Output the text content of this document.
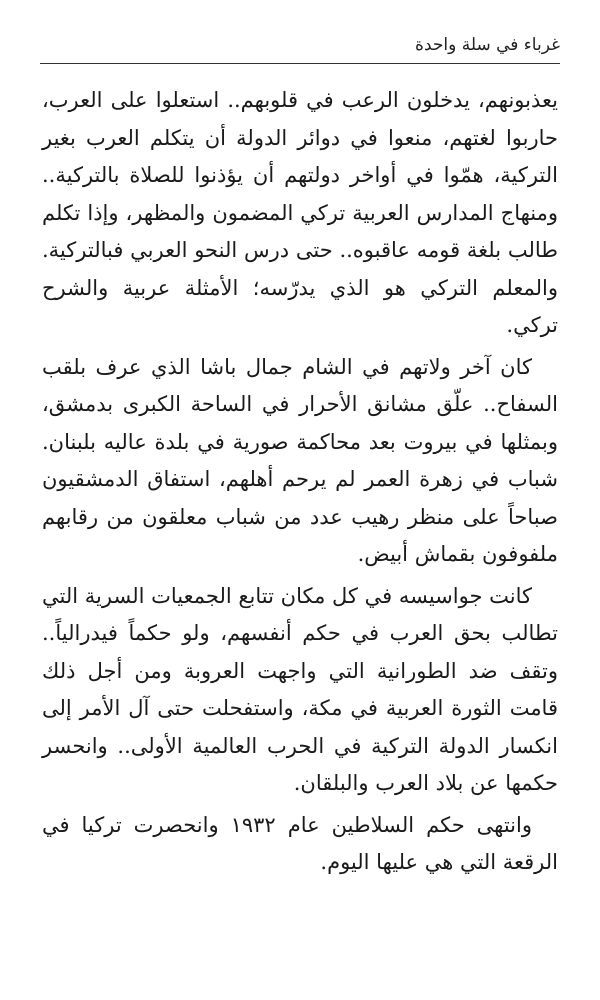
غرباء في سلة واحدة

يعذبونهم، يدخلون الرعب في قلوبهم.. استعلوا على العرب، حاربوا لغتهم، منعوا في دوائر الدولة أن يتكلم العرب بغير التركية، همّوا في أواخر دولتهم أن يؤذنوا للصلاة بالتركية.. ومنهاج المدارس العربية تركي المضمون والمظهر، وإذا تكلم طالب بلغة قومه عاقبوه.. حتى درس النحو العربي فبالتركية. والمعلم التركي هو الذي يدرّسه؛ الأمثلة عربية والشرح تركي.

كان آخر ولاتهم في الشام جمال باشا الذي عرف بلقب السفاح.. علّق مشانق الأحرار في الساحة الكبرى بدمشق، وبمثلها في بيروت بعد محاكمة صورية في بلدة عاليه بلبنان. شباب في زهرة العمر لم يرحم أهلهم، استفاق الدمشقيون صباحاً على منظر رهيب عدد من شباب معلقون من رقابهم ملفوفون بقماش أبيض.

كانت جواسيسه في كل مكان تتابع الجمعيات السرية التي تطالب بحق العرب في حكم أنفسهم، ولو حكماً فيدرالياً.. وتقف ضد الطورانية التي واجهت العروبة ومن أجل ذلك قامت الثورة العربية في مكة، واستفحلت حتى آل الأمر إلى انكسار الدولة التركية في الحرب العالمية الأولى.. وانحسر حكمها عن بلاد العرب والبلقان.

وانتهى حكم السلاطين عام ١٩٣٢ وانحصرت تركيا في الرقعة التي هي عليها اليوم.
